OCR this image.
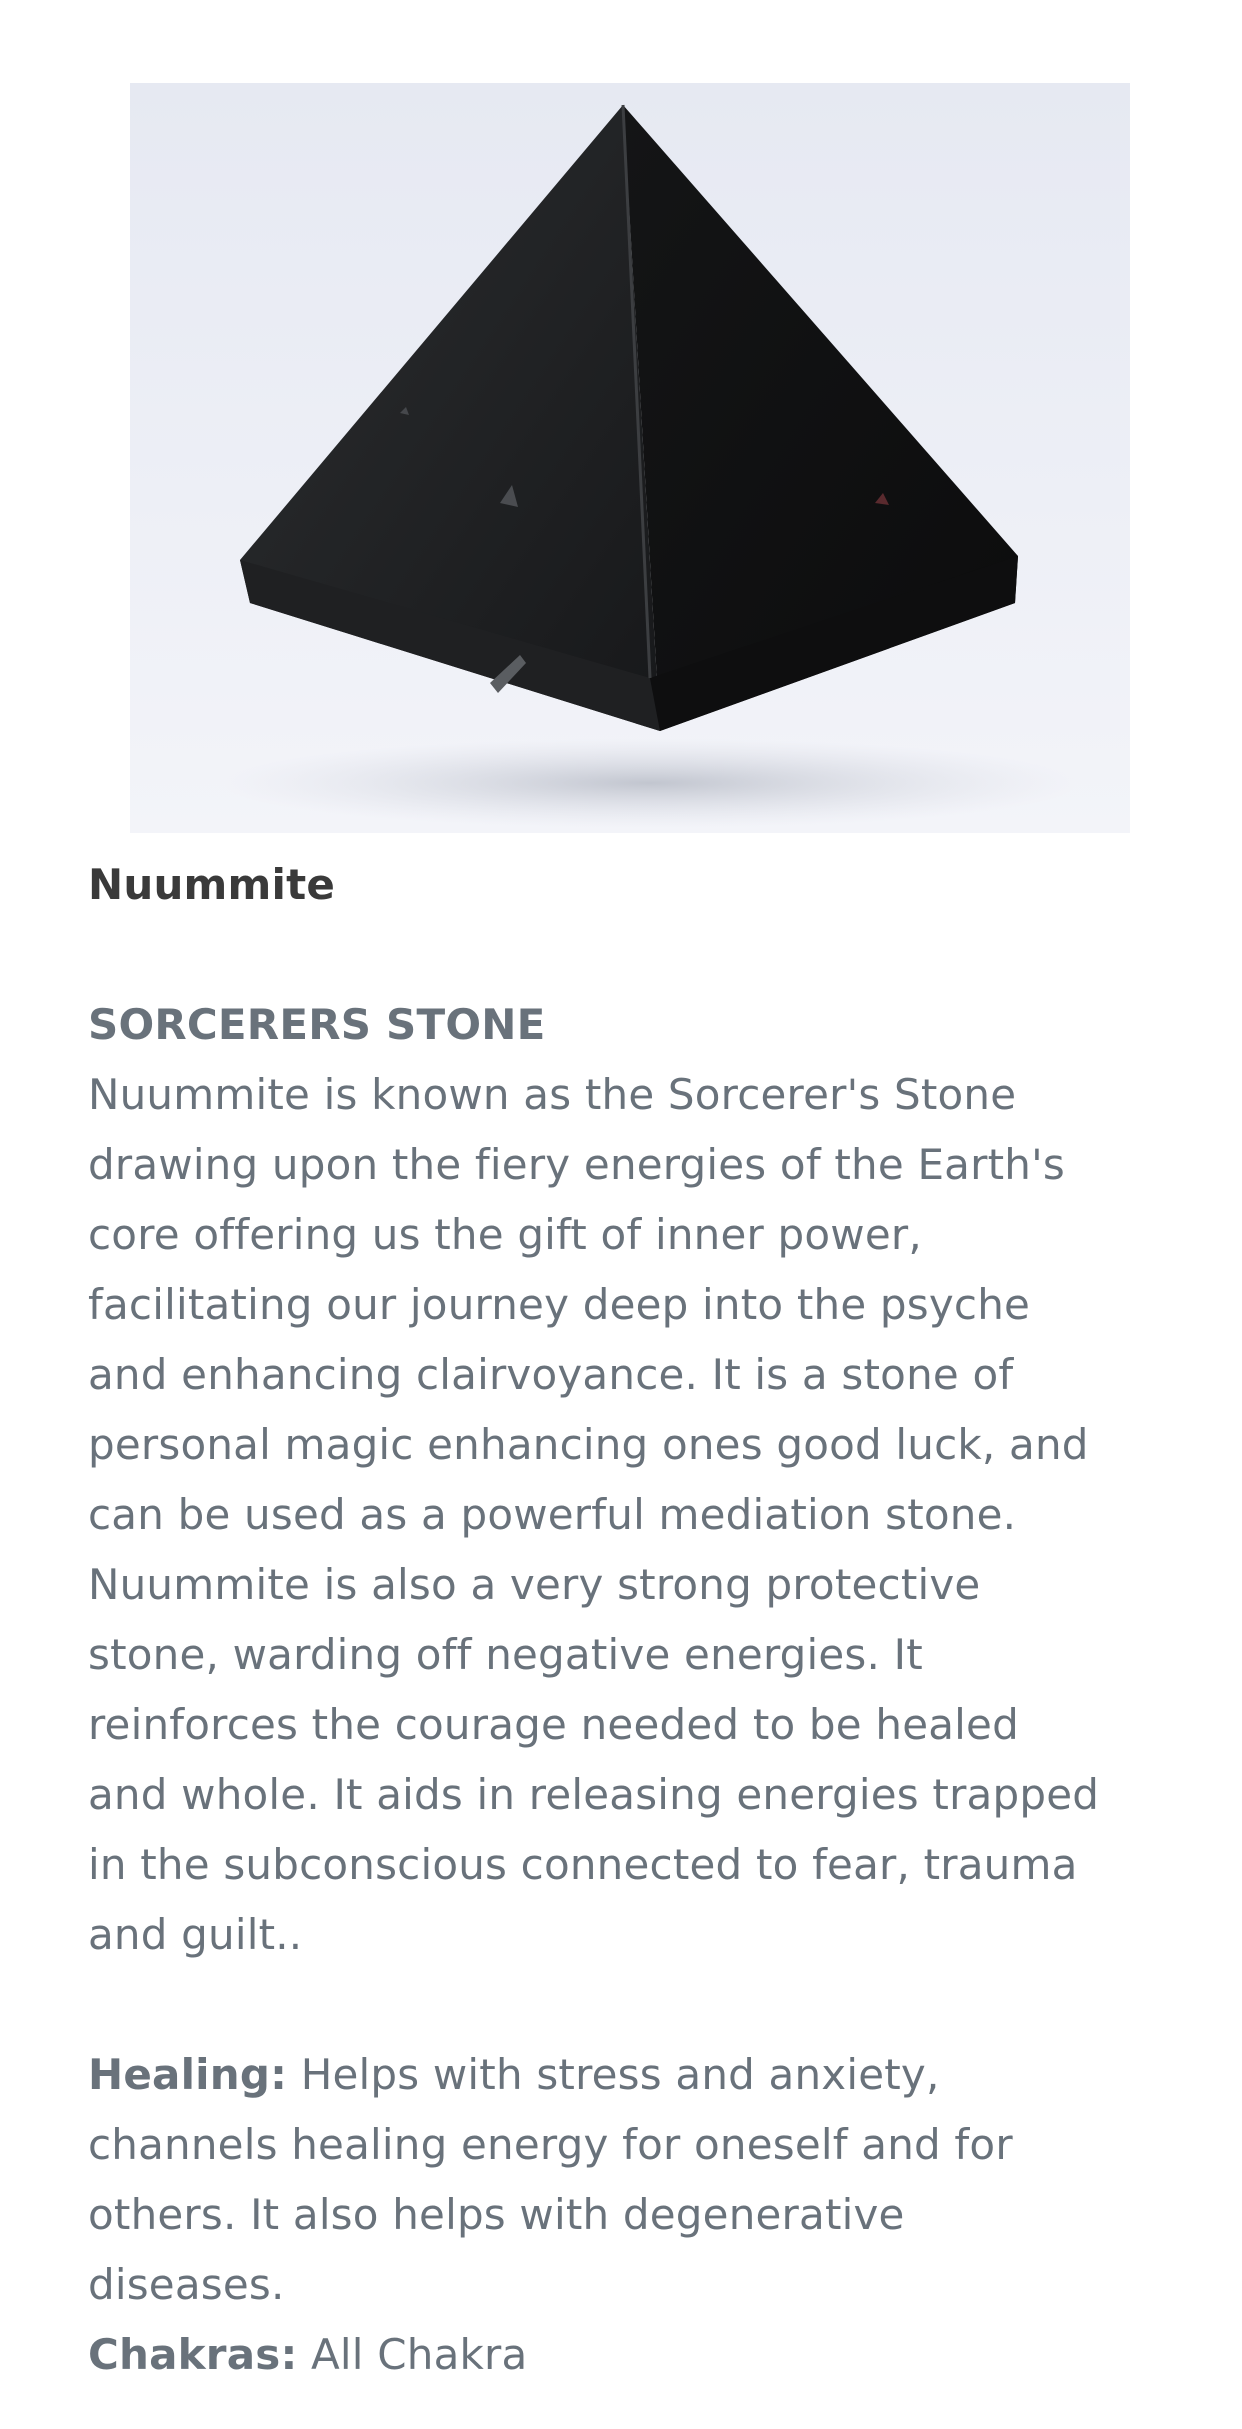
Nuummite
SORCERERS STONE
Nuummite is known as the Sorcerer's Stone
drawing upon the fiery energies of the Earth's
core offering us the gift of inner power,
facilitating our journey deep into the psyche
and enhancing clairvoyance. It is a stone of
personal magic enhancing ones good luck, and
can be used as a powerful mediation stone.
Nuummite is also a very strong protective
stone, warding off negative energies. It
reinforces the courage needed to be healed
and whole. It aids in releasing energies trapped
in the subconscious connected to fear, trauma
and guilt..
Healing: Helps with stress and anxiety,
channels healing energy for oneself and for
others. It also helps with degenerative
diseases.
Chakras: All Chakra
